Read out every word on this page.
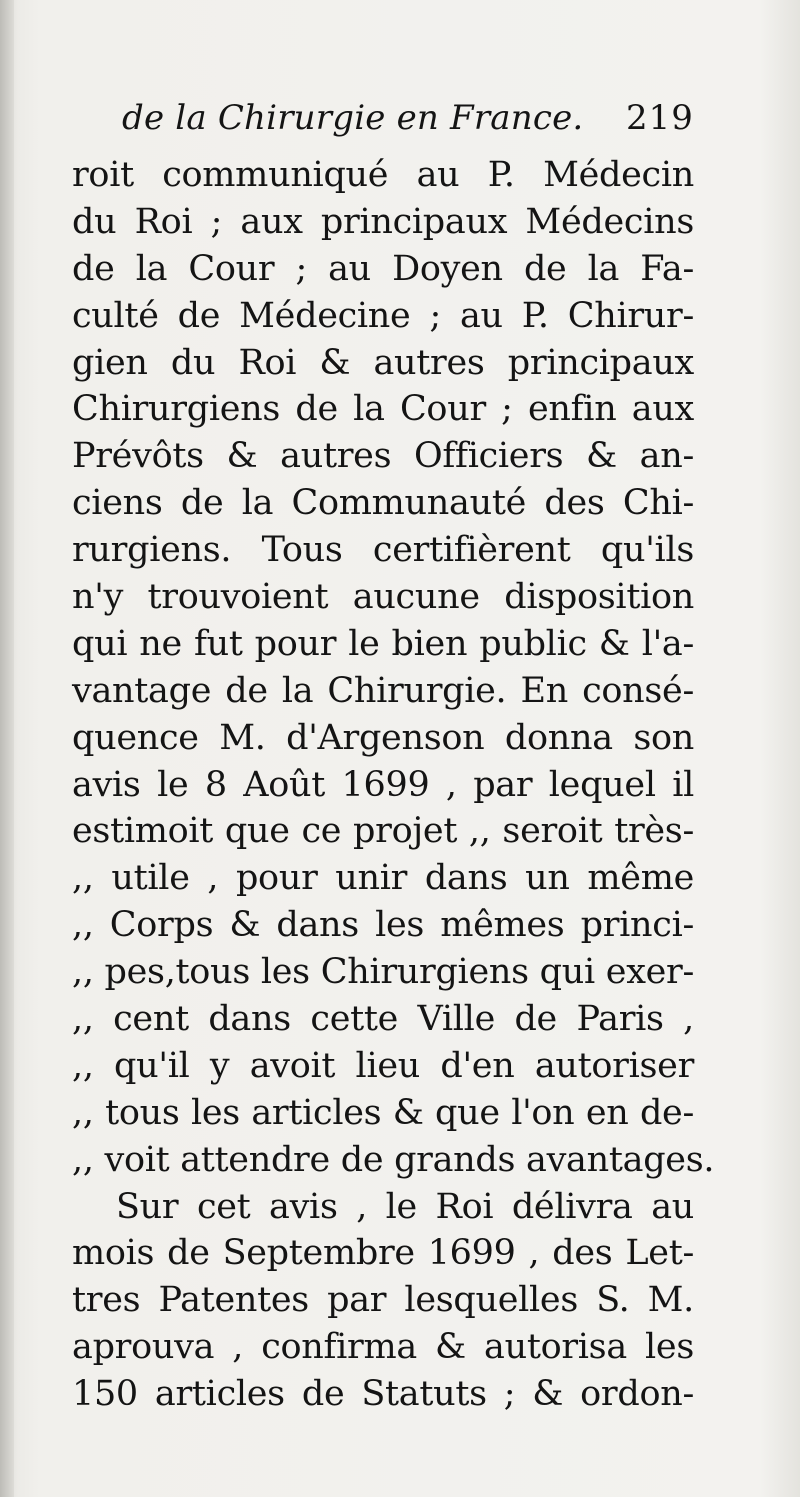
de la Chirurgie en France. 219
roit communiqué au P. Médecin
du Roi ; aux principaux Médecins
de la Cour ; au Doyen de la Fa-
culté de Médecine ; au P. Chirur-
gien du Roi & autres principaux
Chirurgiens de la Cour ; enfin aux
Prévôts & autres Officiers & an-
ciens de la Communauté des Chi-
rurgiens. Tous certifièrent qu'ils
n'y trouvoient aucune disposition
qui ne fut pour le bien public & l'a-
vantage de la Chirurgie. En consé-
quence M. d'Argenson donna son
avis le 8 Août 1699 , par lequel il
estimoit que ce projet ,, seroit très-
,, utile , pour unir dans un même
,, Corps & dans les mêmes princi-
,, pes,tous les Chirurgiens qui exer-
,, cent dans cette Ville de Paris ,
,, qu'il y avoit lieu d'en autoriser
,, tous les articles & que l'on en de-
,, voit attendre de grands avantages.
Sur cet avis , le Roi délivra au
mois de Septembre 1699 , des Let-
tres Patentes par lesquelles S. M.
aprouva , confirma & autorisa les
150 articles de Statuts ; & ordon-
